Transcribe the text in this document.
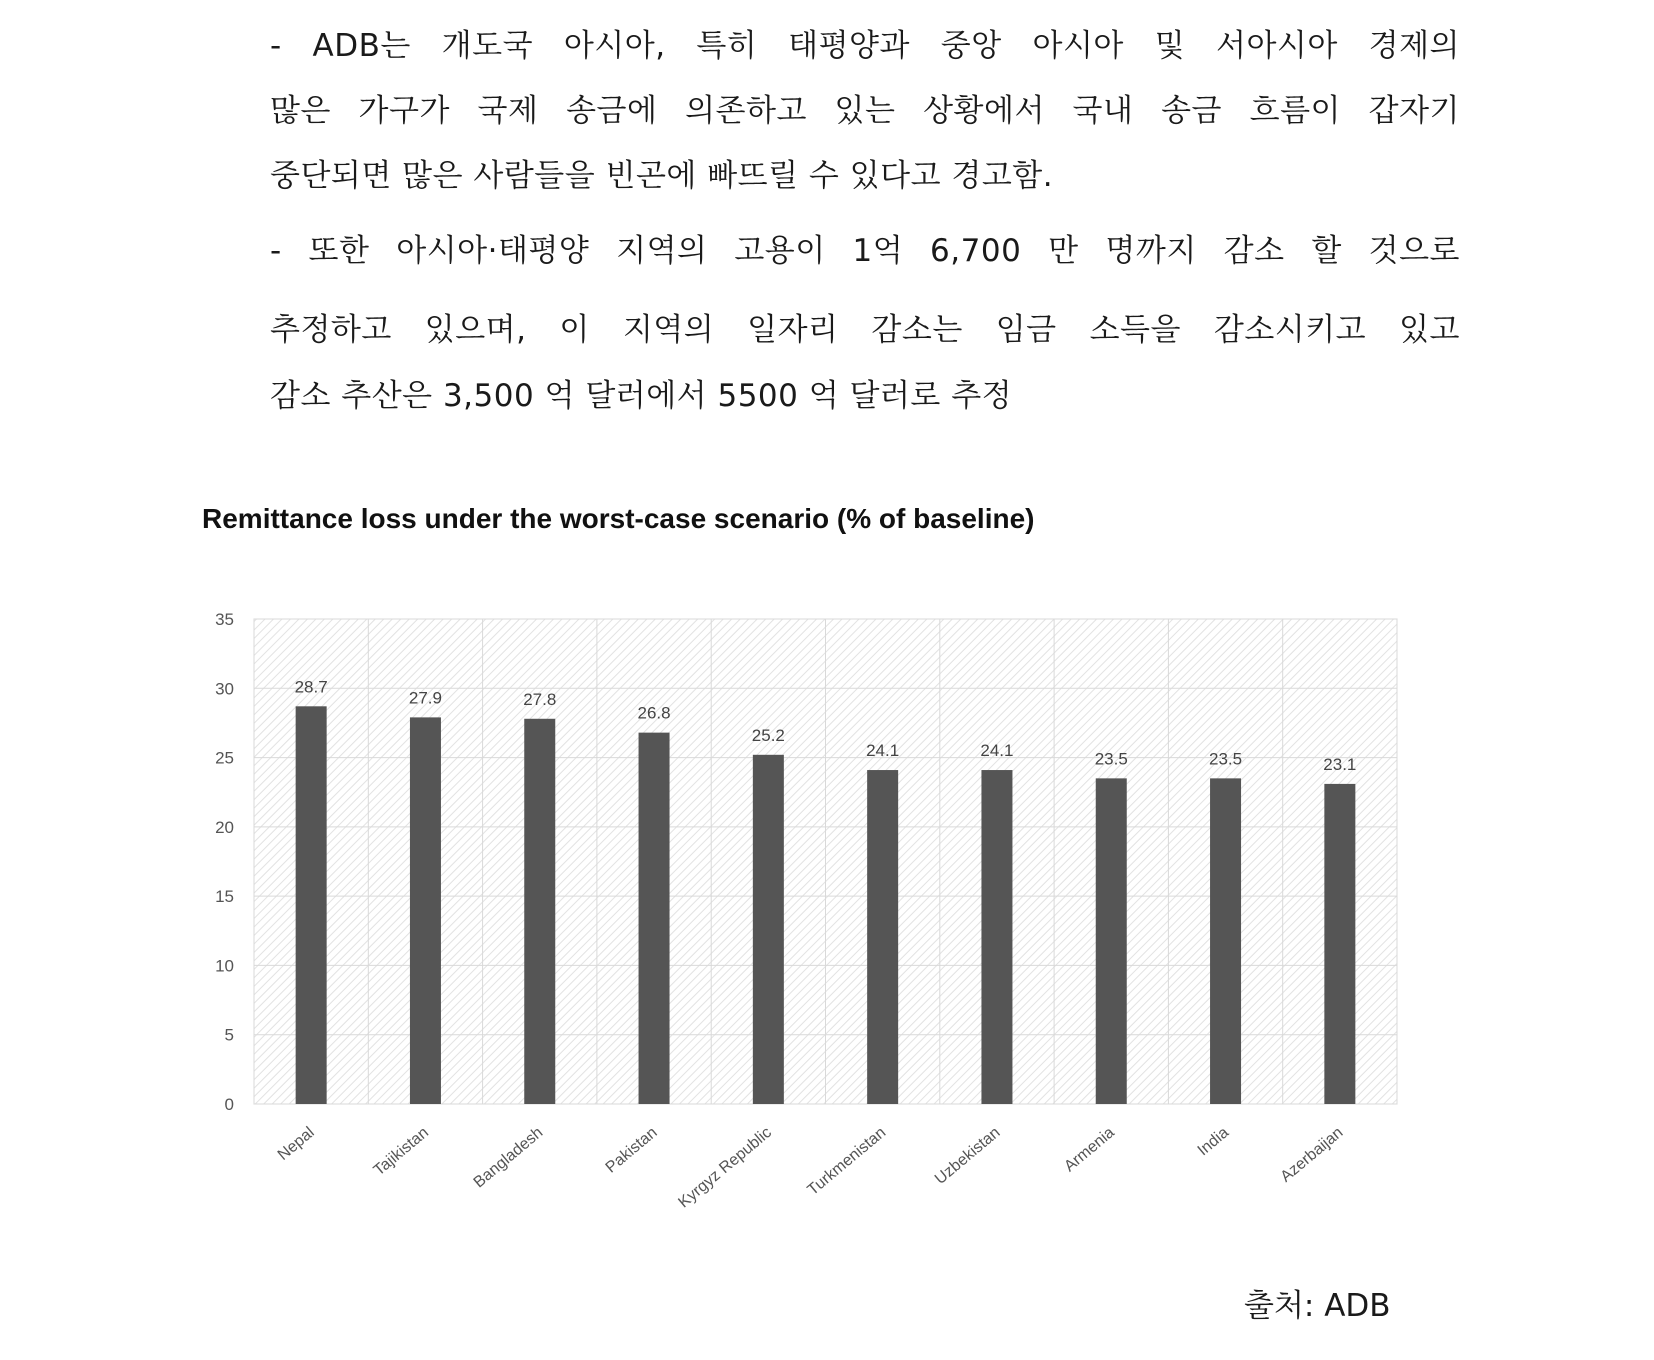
- ADB는 개도국 아시아, 특히 태평양과 중앙 아시아 및 서아시아 경제의
많은 가구가 국제 송금에 의존하고 있는 상황에서 국내 송금 흐름이 갑자기
중단되면 많은 사람들을 빈곤에 빠뜨릴 수 있다고 경고함.
- 또한 아시아·태평양 지역의 고용이 1억 6,700 만 명까지 감소 할 것으로
추정하고 있으며, 이 지역의 일자리 감소는 임금 소득을 감소시키고 있고
감소 추산은 3,500 억 달러에서 5500 억 달러로 추정
Remittance loss under the worst-case scenario (% of baseline)
0
5
10
15
20
25
30
35
28.7
27.9	27.8
26.8
25.2
24.1	24.1	23.5	23.5	23.1
Nepal	Tajikistan Bangladesh	Pakistan Kyrgyz Republic Turkmenistan	Uzbekistan	Armenia	India	Azerbaijan
출처: ADB
